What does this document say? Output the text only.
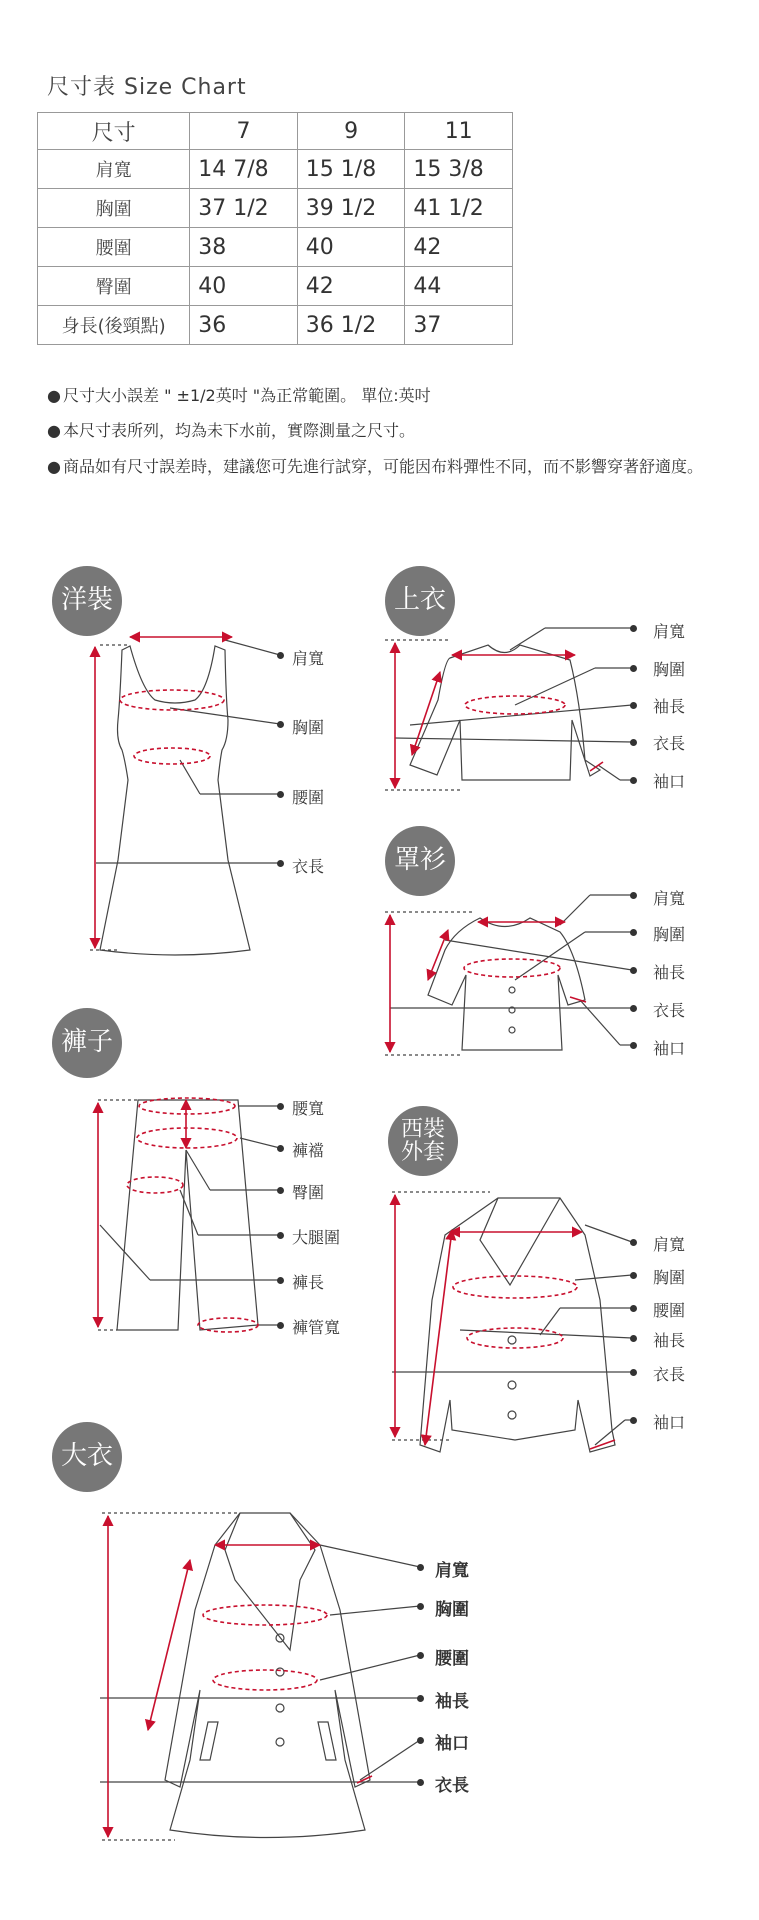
尺寸表 Size Chart
尺寸	7	9	11
肩寬	14 7/8	15 1/8	15 3/8
胸圍	37 1/2	39 1/2	41 1/2
腰圍	38	40	42
臀圍	40	42	44
身長(後頸點)	36	36 1/2	37
● 尺寸大小誤差 " ±1/2英吋 "為正常範圍。 單位:英吋
● 本尺寸表所列，均為未下水前，實際測量之尺寸。
● 商品如有尺寸誤差時，建議您可先進行試穿，可能因布料彈性不同，而不影響穿著舒適度。
洋裝	上衣
罩衫
褲子
西裝
外套
大衣
肩寬
胸圍
腰圍
衣長
肩寬
胸圍
袖長
衣長
袖口
肩寬
胸圍
袖長
衣長
袖口
腰寬
褲襠
臀圍
大腿圍
褲長
褲管寬
肩寬
胸圍
腰圍
袖長
衣長
袖口
肩寬
胸圍
腰圍
袖長
袖口
衣長
